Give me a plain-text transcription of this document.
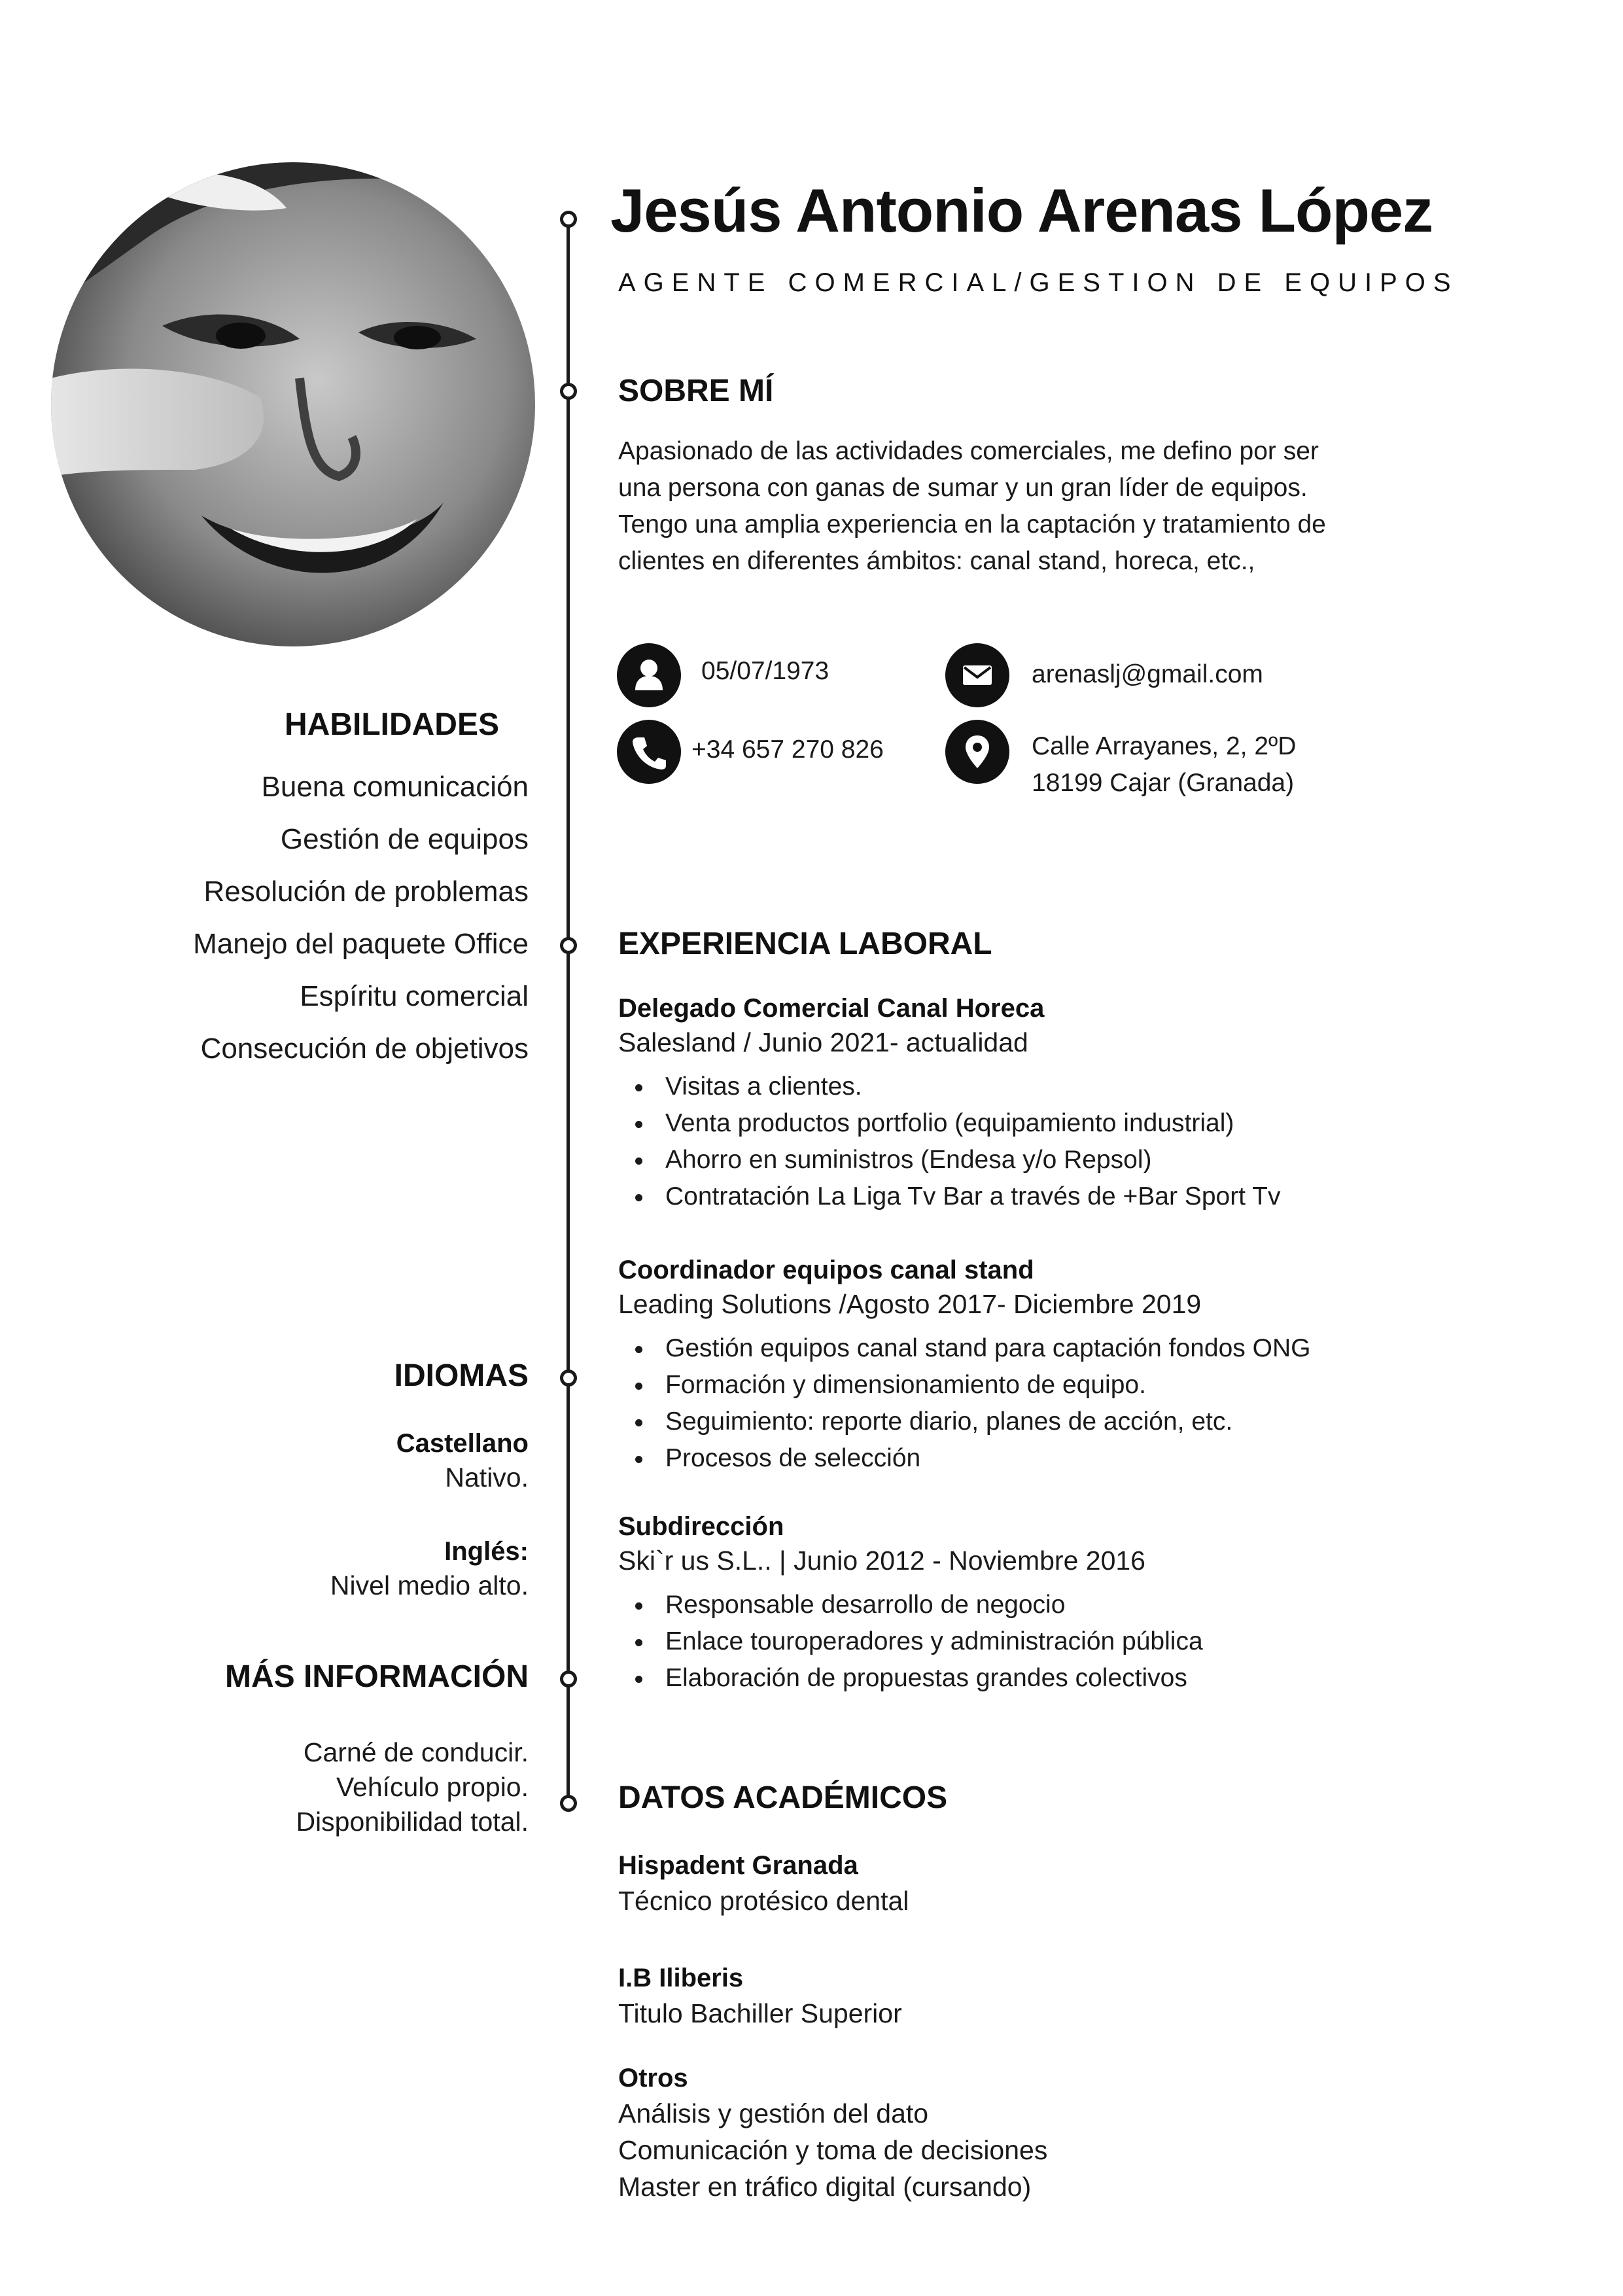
Jesús Antonio Arenas López
AGENTE COMERCIAL/GESTION DE EQUIPOS
SOBRE MÍ
Apasionado de las actividades comerciales, me defino por ser
una persona con ganas de sumar y un gran líder de equipos.
Tengo una amplia experiencia en la captación y tratamiento de
clientes en diferentes ámbitos: canal stand, horeca, etc.,
05/07/1973
+34 657 270 826
arenaslj@gmail.com
Calle Arrayanes, 2, 2ºD
18199 Cajar (Granada)
HABILIDADES
Buena comunicación
Gestión de equipos
Resolución de problemas
Manejo del paquete Office
Espíritu comercial
Consecución de objetivos
IDIOMAS
Castellano
Nativo.
Inglés:
Nivel medio alto.
MÁS INFORMACIÓN
Carné de conducir.
Vehículo propio.
Disponibilidad total.
EXPERIENCIA LABORAL
Delegado Comercial Canal Horeca
Salesland / Junio 2021- actualidad
Visitas a clientes.
Venta productos portfolio (equipamiento industrial)
Ahorro en suministros (Endesa y/o Repsol)
Contratación La Liga Tv Bar a través de +Bar Sport Tv
Coordinador equipos canal stand
Leading Solutions /Agosto 2017- Diciembre 2019
Gestión equipos canal stand para captación fondos ONG
Formación y dimensionamiento de equipo.
Seguimiento: reporte diario, planes de acción, etc.
Procesos de selección
Subdirección
Ski`r us S.L.. | Junio 2012 - Noviembre 2016
Responsable desarrollo de negocio
Enlace touroperadores y administración pública
Elaboración de propuestas grandes colectivos
DATOS ACADÉMICOS
Hispadent Granada
Técnico protésico dental
I.B Iliberis
Titulo Bachiller Superior
Otros
Análisis y gestión del dato
Comunicación y toma de decisiones
Master en tráfico digital (cursando)
